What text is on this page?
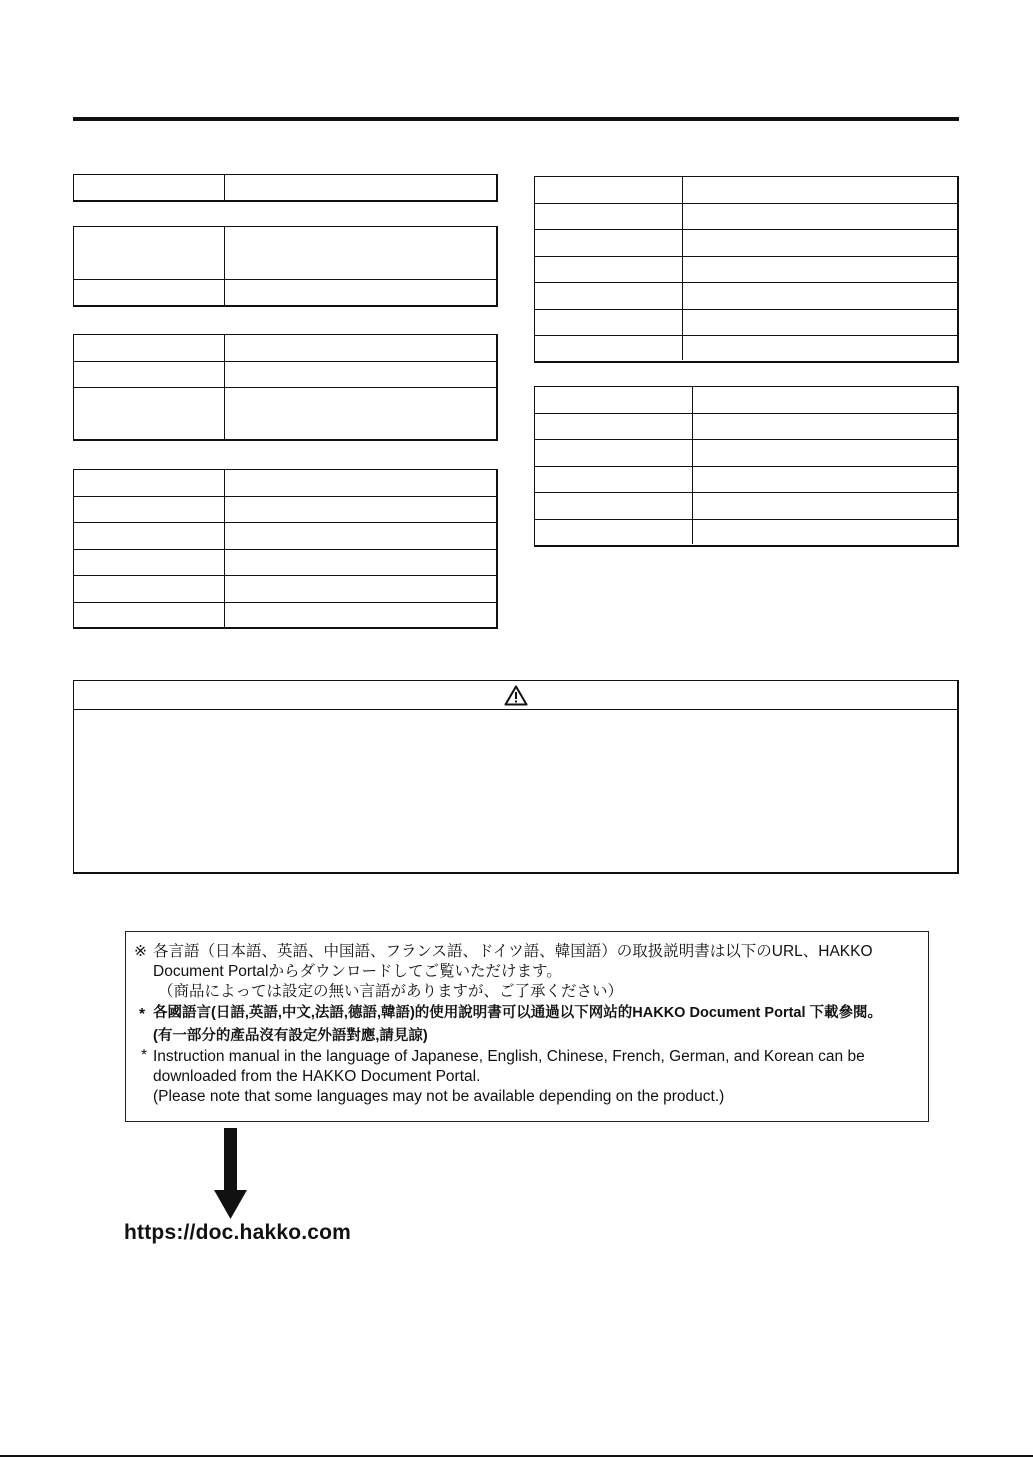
※ 各言語（日本語、英語、中国語、フランス語、ドイツ語、韓国語）の取扱説明書は以下のURL、HAKKO
Document Portalからダウンロードしてご覧いただけます。
（商品によっては設定の無い言語がありますが、ご了承ください）
* 各國語言(日語,英語,中文,法語,德語,韓語)的使用說明書可以通過以下网站的HAKKO Document Portal 下載參閱。
(有一部分的產品沒有設定外語對應,請見諒)
* Instruction manual in the language of Japanese, English, Chinese, French, German, and Korean can be
downloaded from the HAKKO Document Portal.
(Please note that some languages may not be available depending on the product.)
https://doc.hakko.com
